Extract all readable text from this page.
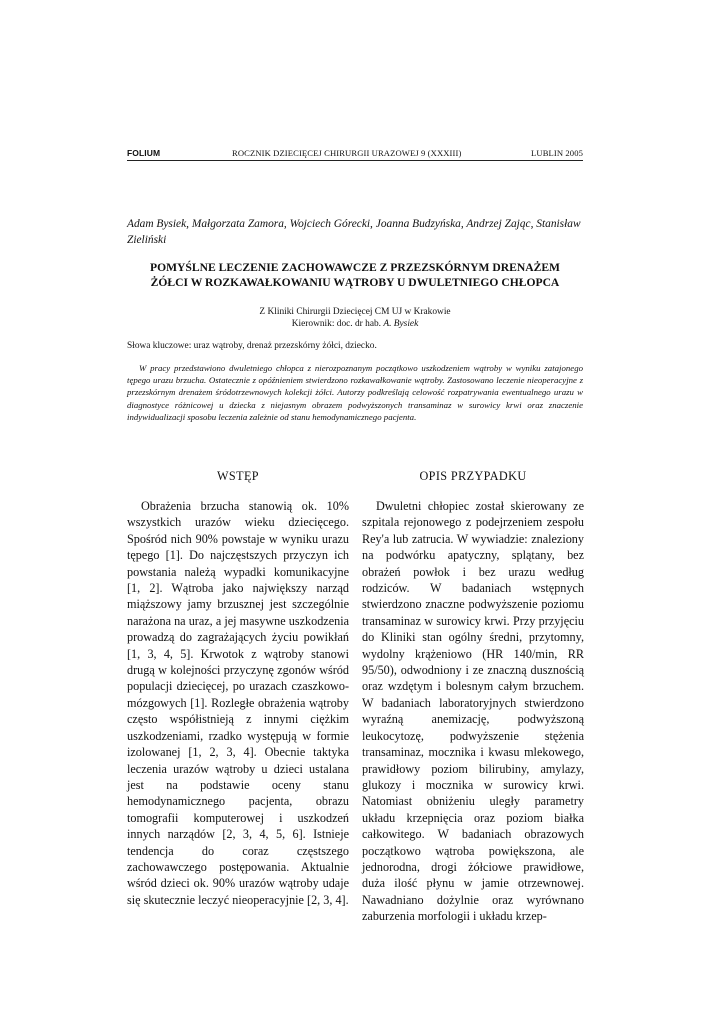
FOLIUM	ROCZNIK DZIECIĘCEJ CHIRURGII URAZOWEJ 9 (XXXIII)	LUBLIN 2005
Adam Bysiek, Małgorzata Zamora, Wojciech Górecki, Joanna Budzyńska, Andrzej Zając, Stanisław Zieliński
POMYŚLNE LECZENIE ZACHOWAWCZE Z PRZEZSKÓRNYM DRENAŻEM
ŻÓŁCI W ROZKAWAŁKOWANIU WĄTROBY U DWULETNIEGO CHŁOPCA
Z Kliniki Chirurgii Dziecięcej CM UJ w Krakowie
Kierownik: doc. dr hab. A. Bysiek
Słowa kluczowe: uraz wątroby, drenaż przezskórny żółci, dziecko.
W pracy przedstawiono dwuletniego chłopca z nierozpoznanym początkowo uszkodzeniem wątroby w wyniku zatajonego tępego urazu brzucha. Ostatecznie z opóźnieniem stwierdzono rozkawałkowanie wątroby. Zastosowano leczenie nieoperacyjne z przezskórnym drenażem śródotrzewnowych kolekcji żółci. Autorzy podkreślają celowość rozpatrywania ewentualnego urazu w diagnostyce różnicowej u dziecka z niejasnym obrazem podwyższonych transaminaz w surowicy krwi oraz znaczenie indywidualizacji sposobu leczenia zależnie od stanu hemodynamicznego pacjenta.
WSTĘP	OPIS PRZYPADKU

Obrażenia brzucha stanowią ok. 10% wszystkich urazów wieku dziecięcego. Spośród nich 90% powstaje w wyniku urazu tępego [1]. Do najczęstszych przyczyn ich powstania należą wypadki komunikacyjne [1, 2]. Wątroba jako największy narząd miąższowy jamy brzusznej jest szczególnie narażona na uraz, a jej masywne uszkodzenia prowadzą do zagrażających życiu powikłań [1, 3, 4, 5]. Krwotok z wątroby stanowi drugą w kolejności przyczynę zgonów wśród populacji dziecięcej, po urazach czaszkowo-mózgowych [1]. Rozległe obrażenia wątroby często współistnieją z innymi ciężkim uszkodzeniami, rzadko występują w formie izolowanej [1, 2, 3, 4]. Obecnie taktyka leczenia urazów wątroby u dzieci ustalana jest na podstawie oceny stanu hemodynamicznego pacjenta, obrazu tomografii komputerowej i uszkodzeń innych narządów [2, 3, 4, 5, 6]. Istnieje tendencja do coraz częstszego zachowawczego postępowania. Aktualnie wśród dzieci ok. 90% urazów wątroby udaje się skutecznie leczyć nieoperacyjnie [2, 3, 4].

Dwuletni chłopiec został skierowany ze szpitala rejonowego z podejrzeniem zespołu Rey'a lub zatrucia. W wywiadzie: znaleziony na podwórku apatyczny, splątany, bez obrażeń powłok i bez urazu według rodziców. W badaniach wstępnych stwierdzono znaczne podwyższenie poziomu transaminaz w surowicy krwi. Przy przyjęciu do Kliniki stan ogólny średni, przytomny, wydolny krążeniowo (HR 140/min, RR 95/50), odwodniony i ze znaczną dusznością oraz wzdętym i bolesnym całym brzuchem. W badaniach laboratoryjnych stwierdzono wyraźną anemizację, podwyższoną leukocytozę, podwyższenie stężenia transaminaz, mocznika i kwasu mlekowego, prawidłowy poziom bilirubiny, amylazy, glukozy i mocznika w surowicy krwi. Natomiast obniżeniu uległy parametry układu krzepnięcia oraz poziom białka całkowitego. W badaniach obrazowych początkowo wątroba powiększona, ale jednorodna, drogi żółciowe prawidłowe, duża ilość płynu w jamie otrzewnowej. Nawadniano dożylnie oraz wyrównano zaburzenia morfologii i układu krzep-
